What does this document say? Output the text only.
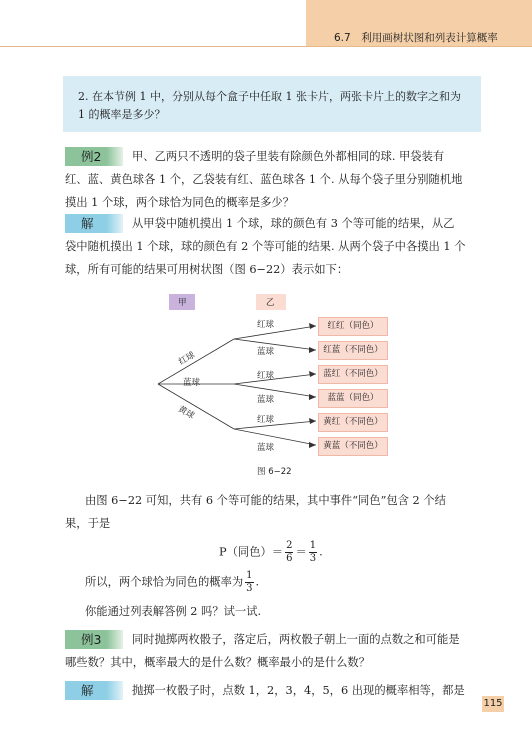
6.7　利用画树状图和列表计算概率
2. 在本节例 1 中，分别从每个盒子中任取 1 张卡片，两张卡片上的数字之和为 1 的概率是多少？
例2	甲、乙两只不透明的袋子里装有除颜色外都相同的球. 甲袋装有
红、蓝、黄色球各 1 个，乙袋装有红、蓝色球各 1 个. 从每个袋子里分别随机地
摸出 1 个球，两个球恰为同色的概率是多少？
解	从甲袋中随机摸出 1 个球，球的颜色有 3 个等可能的结果，从乙
袋中随机摸出 1 个球，球的颜色有 2 个等可能的结果. 从两个袋子中各摸出 1 个
球，所有可能的结果可用树状图（图 6−22）表示如下：
甲	乙
红球
蓝球
黄球
红球
蓝球
红球
蓝球
红球
蓝球
红红（同色）
红蓝（不同色）
蓝红（不同色）
蓝蓝（同色）
黄红（不同色）
黄蓝（不同色）
图 6−22
由图 6−22 可知，共有 6 个等可能的结果，其中事件“同色”包含 2 个结
果，于是
P（同色）＝ $\frac{2}{6} = \frac{1}{3}$ .
所以，两个球恰为同色的概率为 $\frac{1}{3}$ .
你能通过列表解答例 2 吗？试一试.
例3	同时抛掷两枚骰子，落定后，两枚骰子朝上一面的点数之和可能是
哪些数？其中，概率最大的是什么数？概率最小的是什么数？
解	抛掷一枚骰子时，点数 1，2，3，4，5，6 出现的概率相等，都是
115
